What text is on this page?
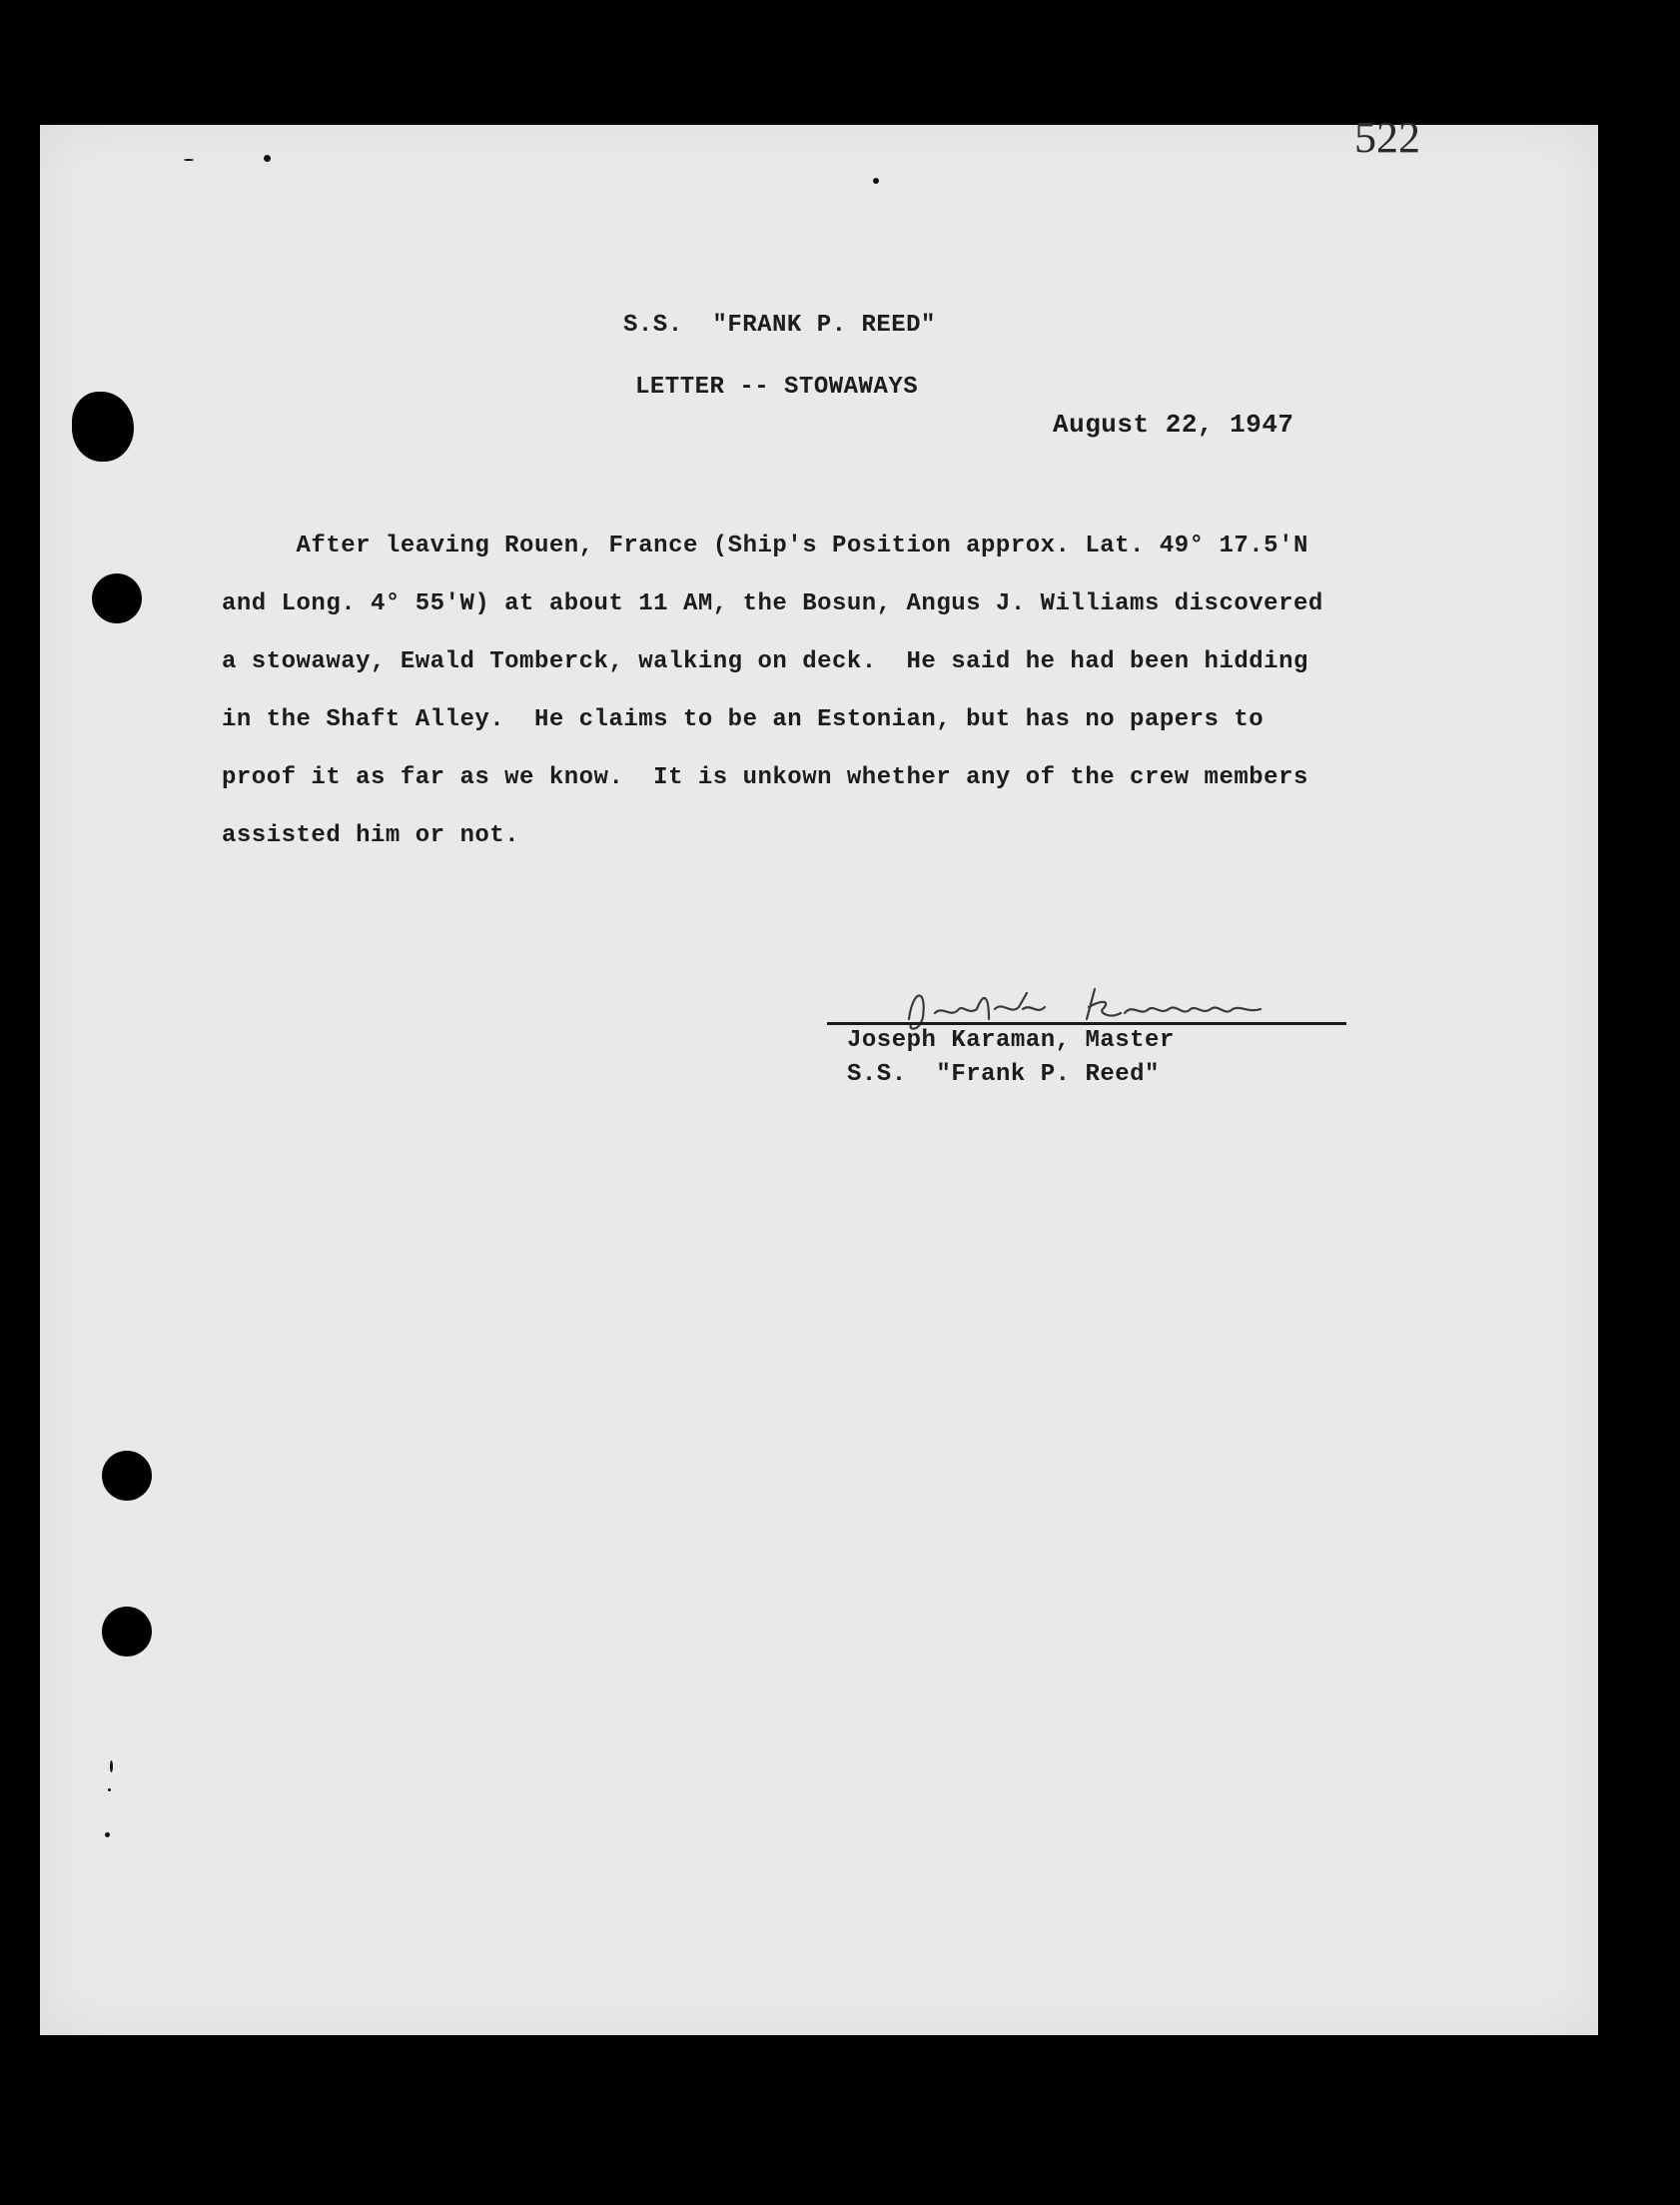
522
S.S.  "FRANK P. REED"
LETTER -- STOWAWAYS
August 22, 1947
After leaving Rouen, France (Ship's Position approx. Lat. 49° 17.5'N
and Long. 4° 55'W) at about 11 AM, the Bosun, Angus J. Williams discovered
a stowaway, Ewald Tomberck, walking on deck.  He said he had been hidding
in the Shaft Alley.  He claims to be an Estonian, but has no papers to
proof it as far as we know.  It is unkown whether any of the crew members
assisted him or not.
Joseph Karaman, Master
S.S.  "Frank P. Reed"
